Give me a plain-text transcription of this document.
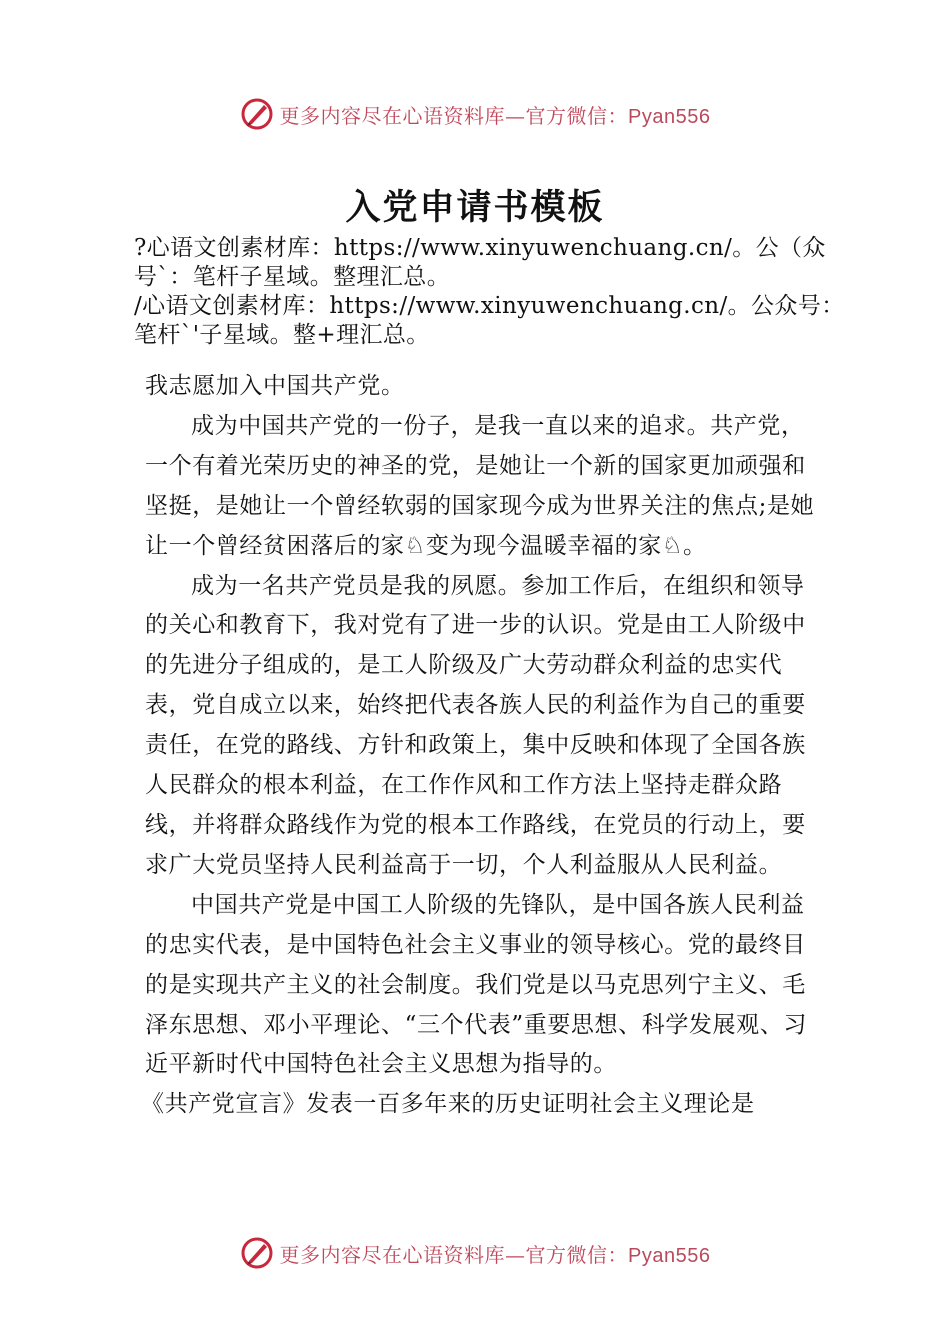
更多内容尽在心语资料库—官方微信：Pyan556
入党申请书模板

?心语文创素材库：https://www.xinyuwenchuang.cn/。公（众

号`：笔杆子星域。整理汇总。

/心语文创素材库：https://www.xinyuwenchuang.cn/。公众号：

笔杆`'子星域。整+理汇总。

我志愿加入中国共产党。

成为中国共产党的一份子，是我一直以来的追求。共产党，一个有着光荣历史的神圣的党，是她让一个新的国家更加顽强和坚挺，是她让一个曾经软弱的国家现今成为世界关注的焦点;是她让一个曾经贫困落后的家♘变为现今温暖幸福的家♘。

成为一名共产党员是我的夙愿。参加工作后，在组织和领导的关心和教育下，我对党有了进一步的认识。党是由工人阶级中的先进分子组成的，是工人阶级及广大劳动群众利益的忠实代表，党自成立以来，始终把代表各族人民的利益作为自己的重要责任，在党的路线、方针和政策上，集中反映和体现了全国各族人民群众的根本利益，在工作作风和工作方法上坚持走群众路线，并将群众路线作为党的根本工作路线，在党员的行动上，要求广大党员坚持人民利益高于一切，个人利益服从人民利益。

中国共产党是中国工人阶级的先锋队，是中国各族人民利益的忠实代表，是中国特色社会主义事业的领导核心。党的最终目的是实现共产主义的社会制度。我们党是以马克思列宁主义、毛泽东思想、邓小平理论、“三个代表”重要思想、科学发展观、习近平新时代中国特色社会主义思想为指导的。

《共产党宣言》发表一百多年来的历史证明社会主义理论是

更多内容尽在心语资料库—官方微信：Pyan556
